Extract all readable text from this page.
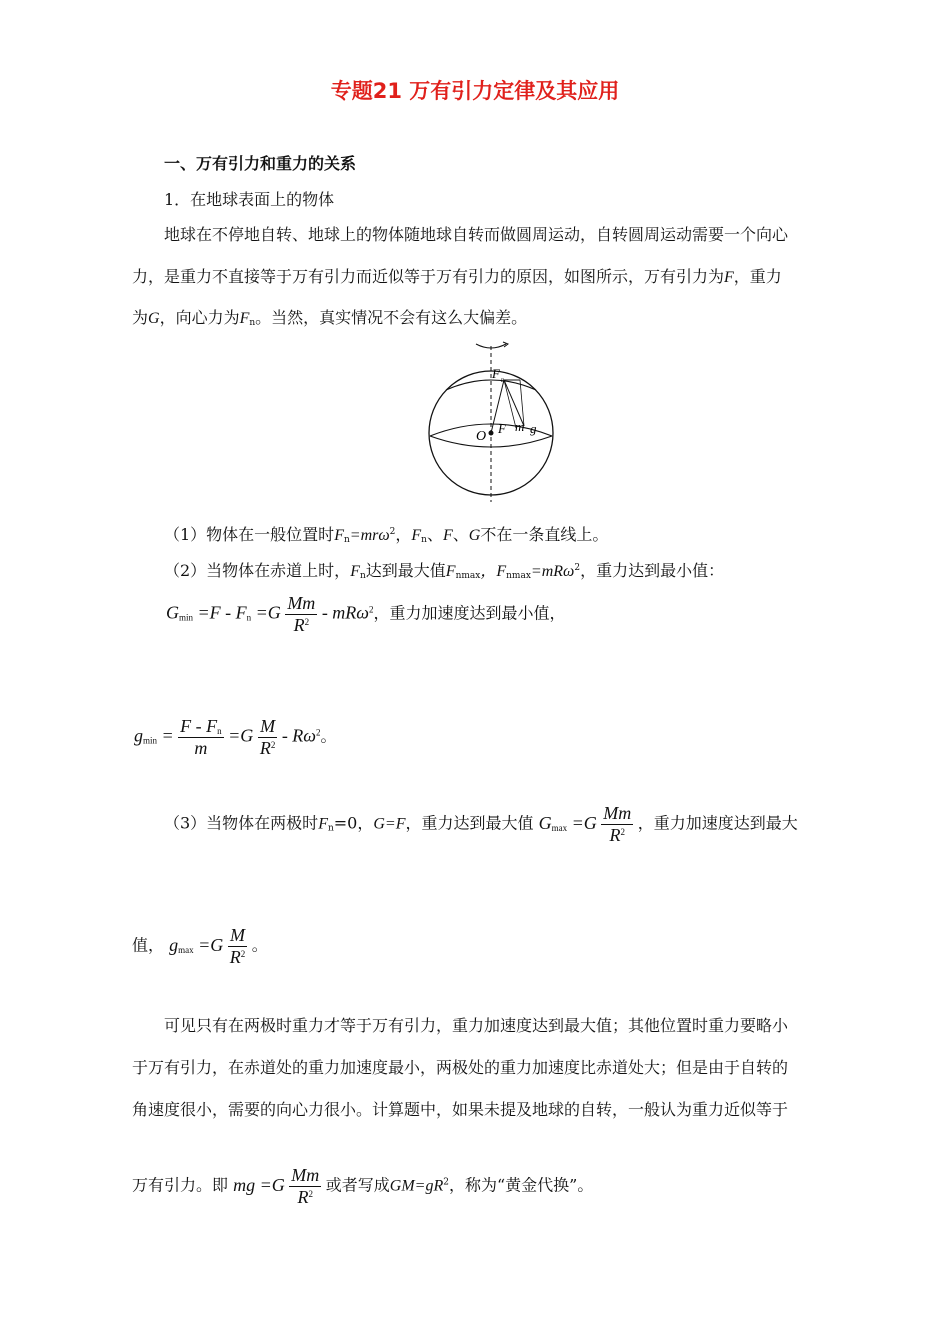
专题21 万有引力定律及其应用
一、万有引力和重力的关系
1．在地球表面上的物体
地球在不停地自转、地球上的物体随地球自转而做圆周运动，自转圆周运动需要一个向心
力，是重力不直接等于万有引力而近似等于万有引力的原因，如图所示，万有引力为F，重力
为G，向心力为$F_n$。当然，真实情况不会有这么大偏差。
F n
O
F m g
（1）物体在一般位置时$F_n=mr\omega^2$，$F_n$、F、G不在一条直线上。
（2）当物体在赤道上时，$F_n$达到最大值$F_{nmax}$，$F_{nmax}=mR\omega^2$，重力达到最小值：
$G_{min} =F - F_n =G \frac{Mm}{R^2} - mR\omega^2$，重力加速度达到最小值，
$g_{min} = \frac{F - F_n}{m} =G \frac{M}{R^2} - R\omega^2$。
（3）当物体在两极时$F_n=0$，G=F，重力达到最大值 $G_{max} =G \frac{Mm}{R^2}$ ，重力加速度达到最大
值， $g_{max} =G \frac{M}{R^2}$ 。
可见只有在两极时重力才等于万有引力，重力加速度达到最大值；其他位置时重力要略小
于万有引力，在赤道处的重力加速度最小，两极处的重力加速度比赤道处大；但是由于自转的
角速度很小，需要的向心力很小。计算题中，如果未提及地球的自转，一般认为重力近似等于
万有引力。即 mg $=G \frac{Mm}{R^2}$ 或者写成$GM=gR^2$，称为“黄金代换”。
